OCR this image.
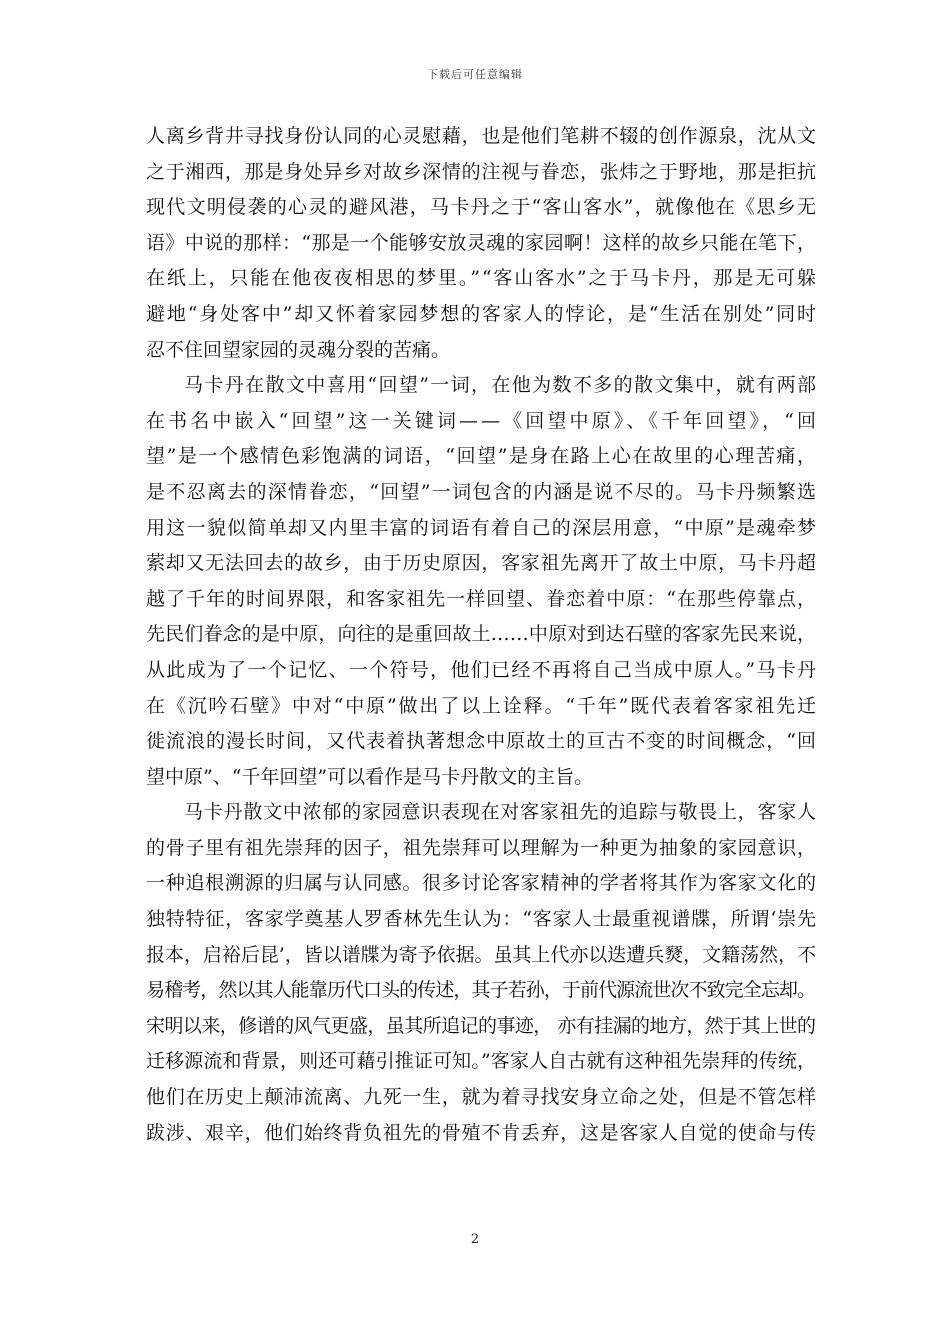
下载后可任意编辑
人离乡背井寻找身份认同的心灵慰藉，也是他们笔耕不辍的创作源泉，沈从文
之于湘西，那是身处异乡对故乡深情的注视与眷恋，张炜之于野地，那是拒抗
现代文明侵袭的心灵的避风港，马卡丹之于“客山客水”，就像他在《思乡无
语》中说的那样：“那是一个能够安放灵魂的家园啊！这样的故乡只能在笔下，
在纸上，只能在他夜夜相思的梦里。”“客山客水”之于马卡丹，那是无可躲
避地“身处客中”却又怀着家园梦想的客家人的悖论，是“生活在别处”同时
忍不住回望家园的灵魂分裂的苦痛。
马卡丹在散文中喜用“回望”一词，在他为数不多的散文集中，就有两部
在书名中嵌入“回望”这一关键词——《回望中原》、《千年回望》，“回
望”是一个感情色彩饱满的词语，“回望”是身在路上心在故里的心理苦痛，
是不忍离去的深情眷恋，“回望”一词包含的内涵是说不尽的。马卡丹频繁选
用这一貌似简单却又内里丰富的词语有着自己的深层用意，“中原”是魂牵梦
萦却又无法回去的故乡，由于历史原因，客家祖先离开了故土中原，马卡丹超
越了千年的时间界限，和客家祖先一样回望、眷恋着中原：“在那些停靠点，
先民们眷念的是中原，向往的是重回故土……中原对到达石壁的客家先民来说，
从此成为了一个记忆、一个符号，他们已经不再将自己当成中原人。”马卡丹
在《沉吟石壁》中对“中原”做出了以上诠释。“千年”既代表着客家祖先迁
徙流浪的漫长时间，又代表着执著想念中原故土的亘古不变的时间概念，“回
望中原”、“千年回望”可以看作是马卡丹散文的主旨。
马卡丹散文中浓郁的家园意识表现在对客家祖先的追踪与敬畏上，客家人
的骨子里有祖先崇拜的因子，祖先崇拜可以理解为一种更为抽象的家园意识，
一种追根溯源的归属与认同感。很多讨论客家精神的学者将其作为客家文化的
独特特征，客家学奠基人罗香林先生认为：“客家人士最重视谱牒，所谓‘崇先
报本，启裕后昆’，皆以谱牒为寄予依据。虽其上代亦以迭遭兵燹，文籍荡然，不
易稽考，然以其人能靠历代口头的传述，其子若孙，于前代源流世次不致完全忘却。
宋明以来，修谱的风气更盛，虽其所追记的事迹， 亦有挂漏的地方，然于其上世的
迁移源流和背景，则还可藉引推证可知。”客家人自古就有这种祖先崇拜的传统，
他们在历史上颠沛流离、九死一生，就为着寻找安身立命之处，但是不管怎样
跋涉、艰辛，他们始终背负祖先的骨殖不肯丢弃，这是客家人自觉的使命与传
2
